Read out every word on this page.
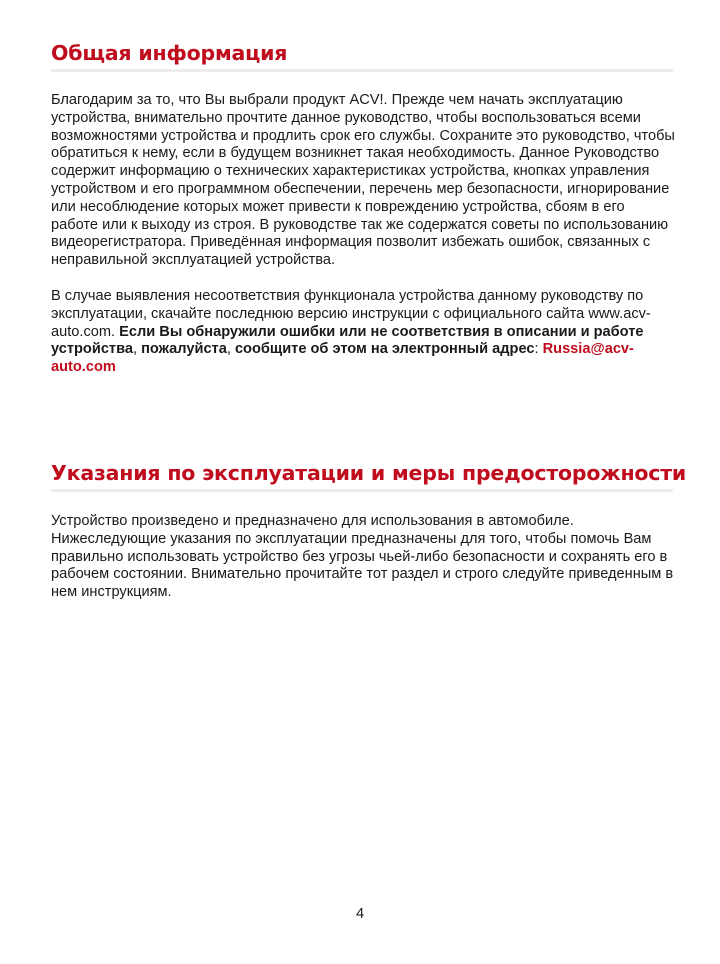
Общая информация

Благодарим за то, что Вы выбрали продукт ACV!. Прежде чем начать эксплуатацию устройства, внимательно прочтите данное руководство, чтобы воспользоваться всеми возможностями устройства и продлить срок его службы. Сохраните это руководство, чтобы обратиться к нему, если в будущем возникнет такая необходимость. Данное Руководство содержит информацию о технических характеристиках устройства, кнопках управления устройством и его программном обеспечении, перечень мер безопасности, игнорирование или несоблюдение которых может привести к повреждению устройства, сбоям в его работе или к выходу из строя. В руководстве так же содержатся советы по использованию видеорегистратора. Приведённая информация позволит избежать ошибок, связанных с неправильной эксплуатацией устройства.

В случае выявления несоответствия функционала устройства данному руководству по эксплуатации, скачайте последнюю версию инструкции с официального сайта www.acv-auto.com. Если Вы обнаружили ошибки или не соответствия в описании и работе устройства, пожалуйста, сообщите об этом на электронный адрес: Russia@acv-auto.com

Указания по эксплуатации и меры предосторожности

Устройство произведено и предназначено для использования в автомобиле. Нижеследующие указания по эксплуатации предназначены для того, чтобы помочь Вам правильно использовать устройство без угрозы чьей-либо безопасности и сохранять его в рабочем состоянии. Внимательно прочитайте тот раздел и строго следуйте приведенным в нем инструкциям.

4
